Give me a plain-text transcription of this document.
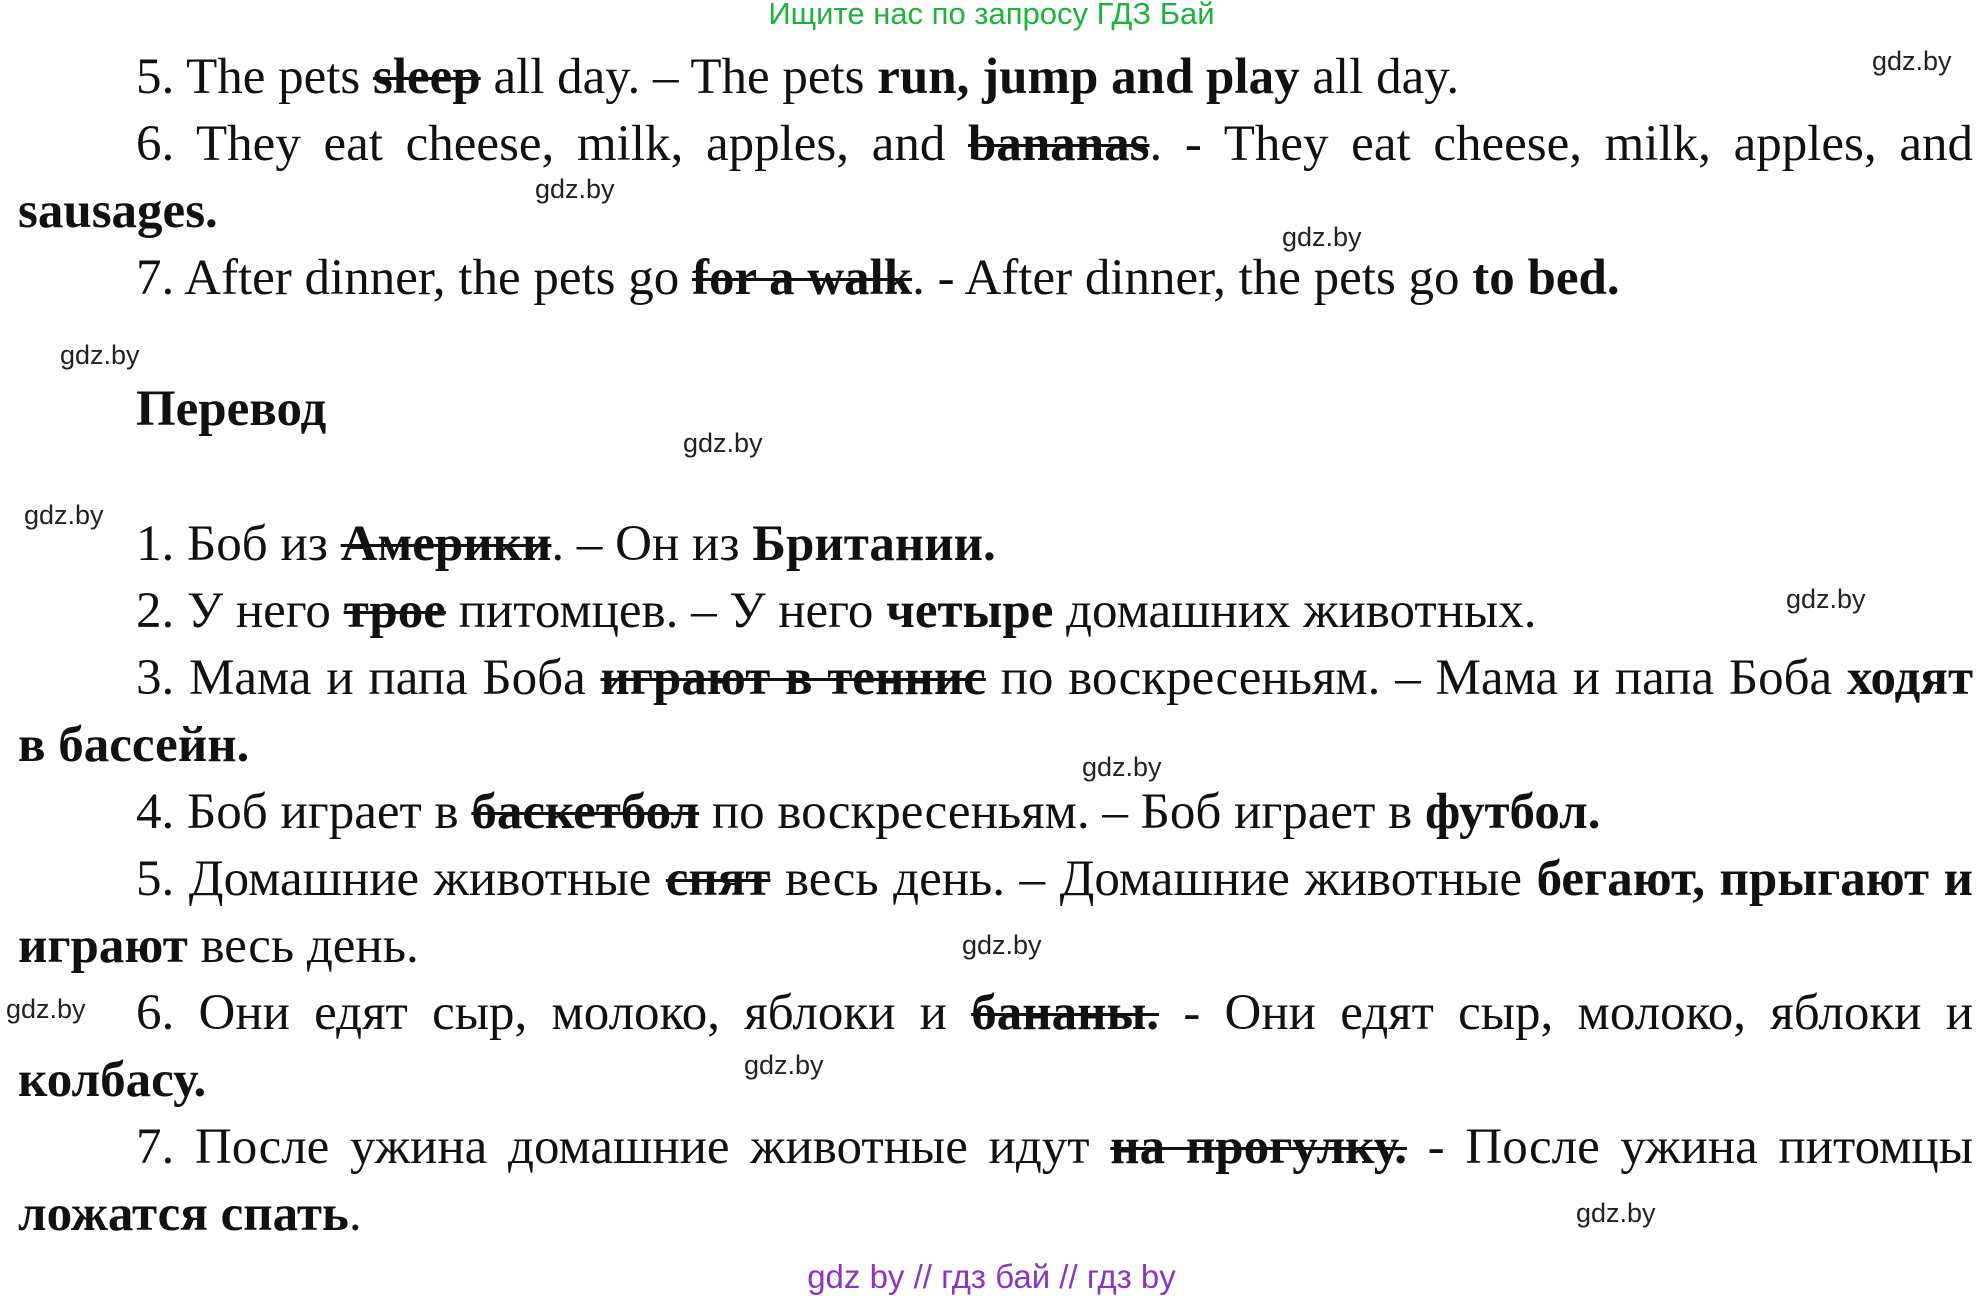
Ищите нас по запросу ГДЗ Бай

5. The pets sleep all day. – The pets run, jump and play all day.

6. They eat cheese, milk, apples, and bananas. - They eat cheese, milk, apples, and sausages.

7. After dinner, the pets go for a walk. - After dinner, the pets go to bed.

Перевод

1. Боб из Америки. – Он из Британии.

2. У него трое питомцев. – У него четыре домашних животных.

3. Мама и папа Боба играют в теннис по воскресеньям. – Мама и папа Боба ходят в бассейн.

4. Боб играет в баскетбол по воскресеньям. – Боб играет в футбол.

5. Домашние животные спят весь день. – Домашние животные бегают, прыгают и играют весь день.

6. Они едят сыр, молоко, яблоки и бананы. - Они едят сыр, молоко, яблоки и колбасу.

7. После ужина домашние животные идут на прогулку. - После ужина питомцы ложатся спать.

gdz.by
gdz.by
gdz.by
gdz.by
gdz.by
gdz.by
gdz.by
gdz.by
gdz.by
gdz.by
gdz.by
gdz.by
gdz by // гдз бай // гдз by
